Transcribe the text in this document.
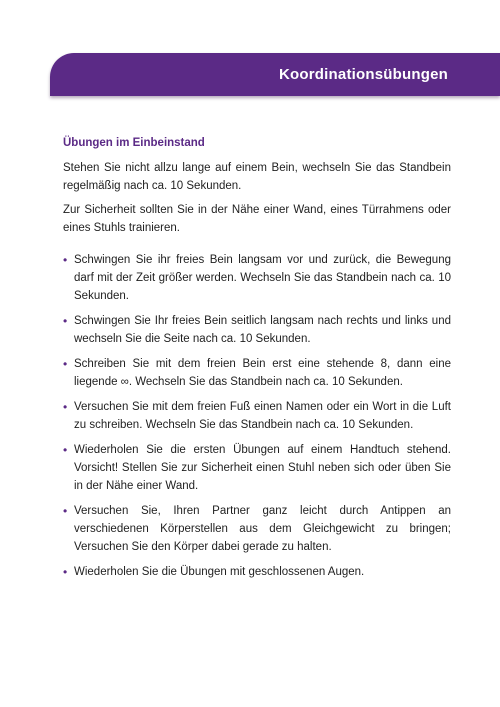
Koordinationsübungen
Übungen im Einbeinstand

Stehen Sie nicht allzu lange auf einem Bein, wechseln Sie das Standbein regelmäßig nach ca. 10 Sekunden.

Zur Sicherheit sollten Sie in der Nähe einer Wand, eines Türrahmens oder eines Stuhls trainieren.

• Schwingen Sie ihr freies Bein langsam vor und zurück, die Bewegung darf mit der Zeit größer werden. Wechseln Sie das Standbein nach ca. 10 Sekunden.
• Schwingen Sie Ihr freies Bein seitlich langsam nach rechts und links und wechseln Sie die Seite nach ca. 10 Sekunden.
• Schreiben Sie mit dem freien Bein erst eine stehende 8, dann eine liegende ∞. Wechseln Sie das Standbein nach ca. 10 Sekunden.
• Versuchen Sie mit dem freien Fuß einen Namen oder ein Wort in die Luft zu schreiben. Wechseln Sie das Standbein nach ca. 10 Sekunden.
• Wiederholen Sie die ersten Übungen auf einem Handtuch stehend. Vorsicht! Stellen Sie zur Sicherheit einen Stuhl neben sich oder üben Sie in der Nähe einer Wand.
• Versuchen Sie, Ihren Partner ganz leicht durch Antippen an verschiedenen Körperstellen aus dem Gleichgewicht zu bringen; Versuchen Sie den Körper dabei gerade zu halten.
• Wiederholen Sie die Übungen mit geschlossenen Augen.
